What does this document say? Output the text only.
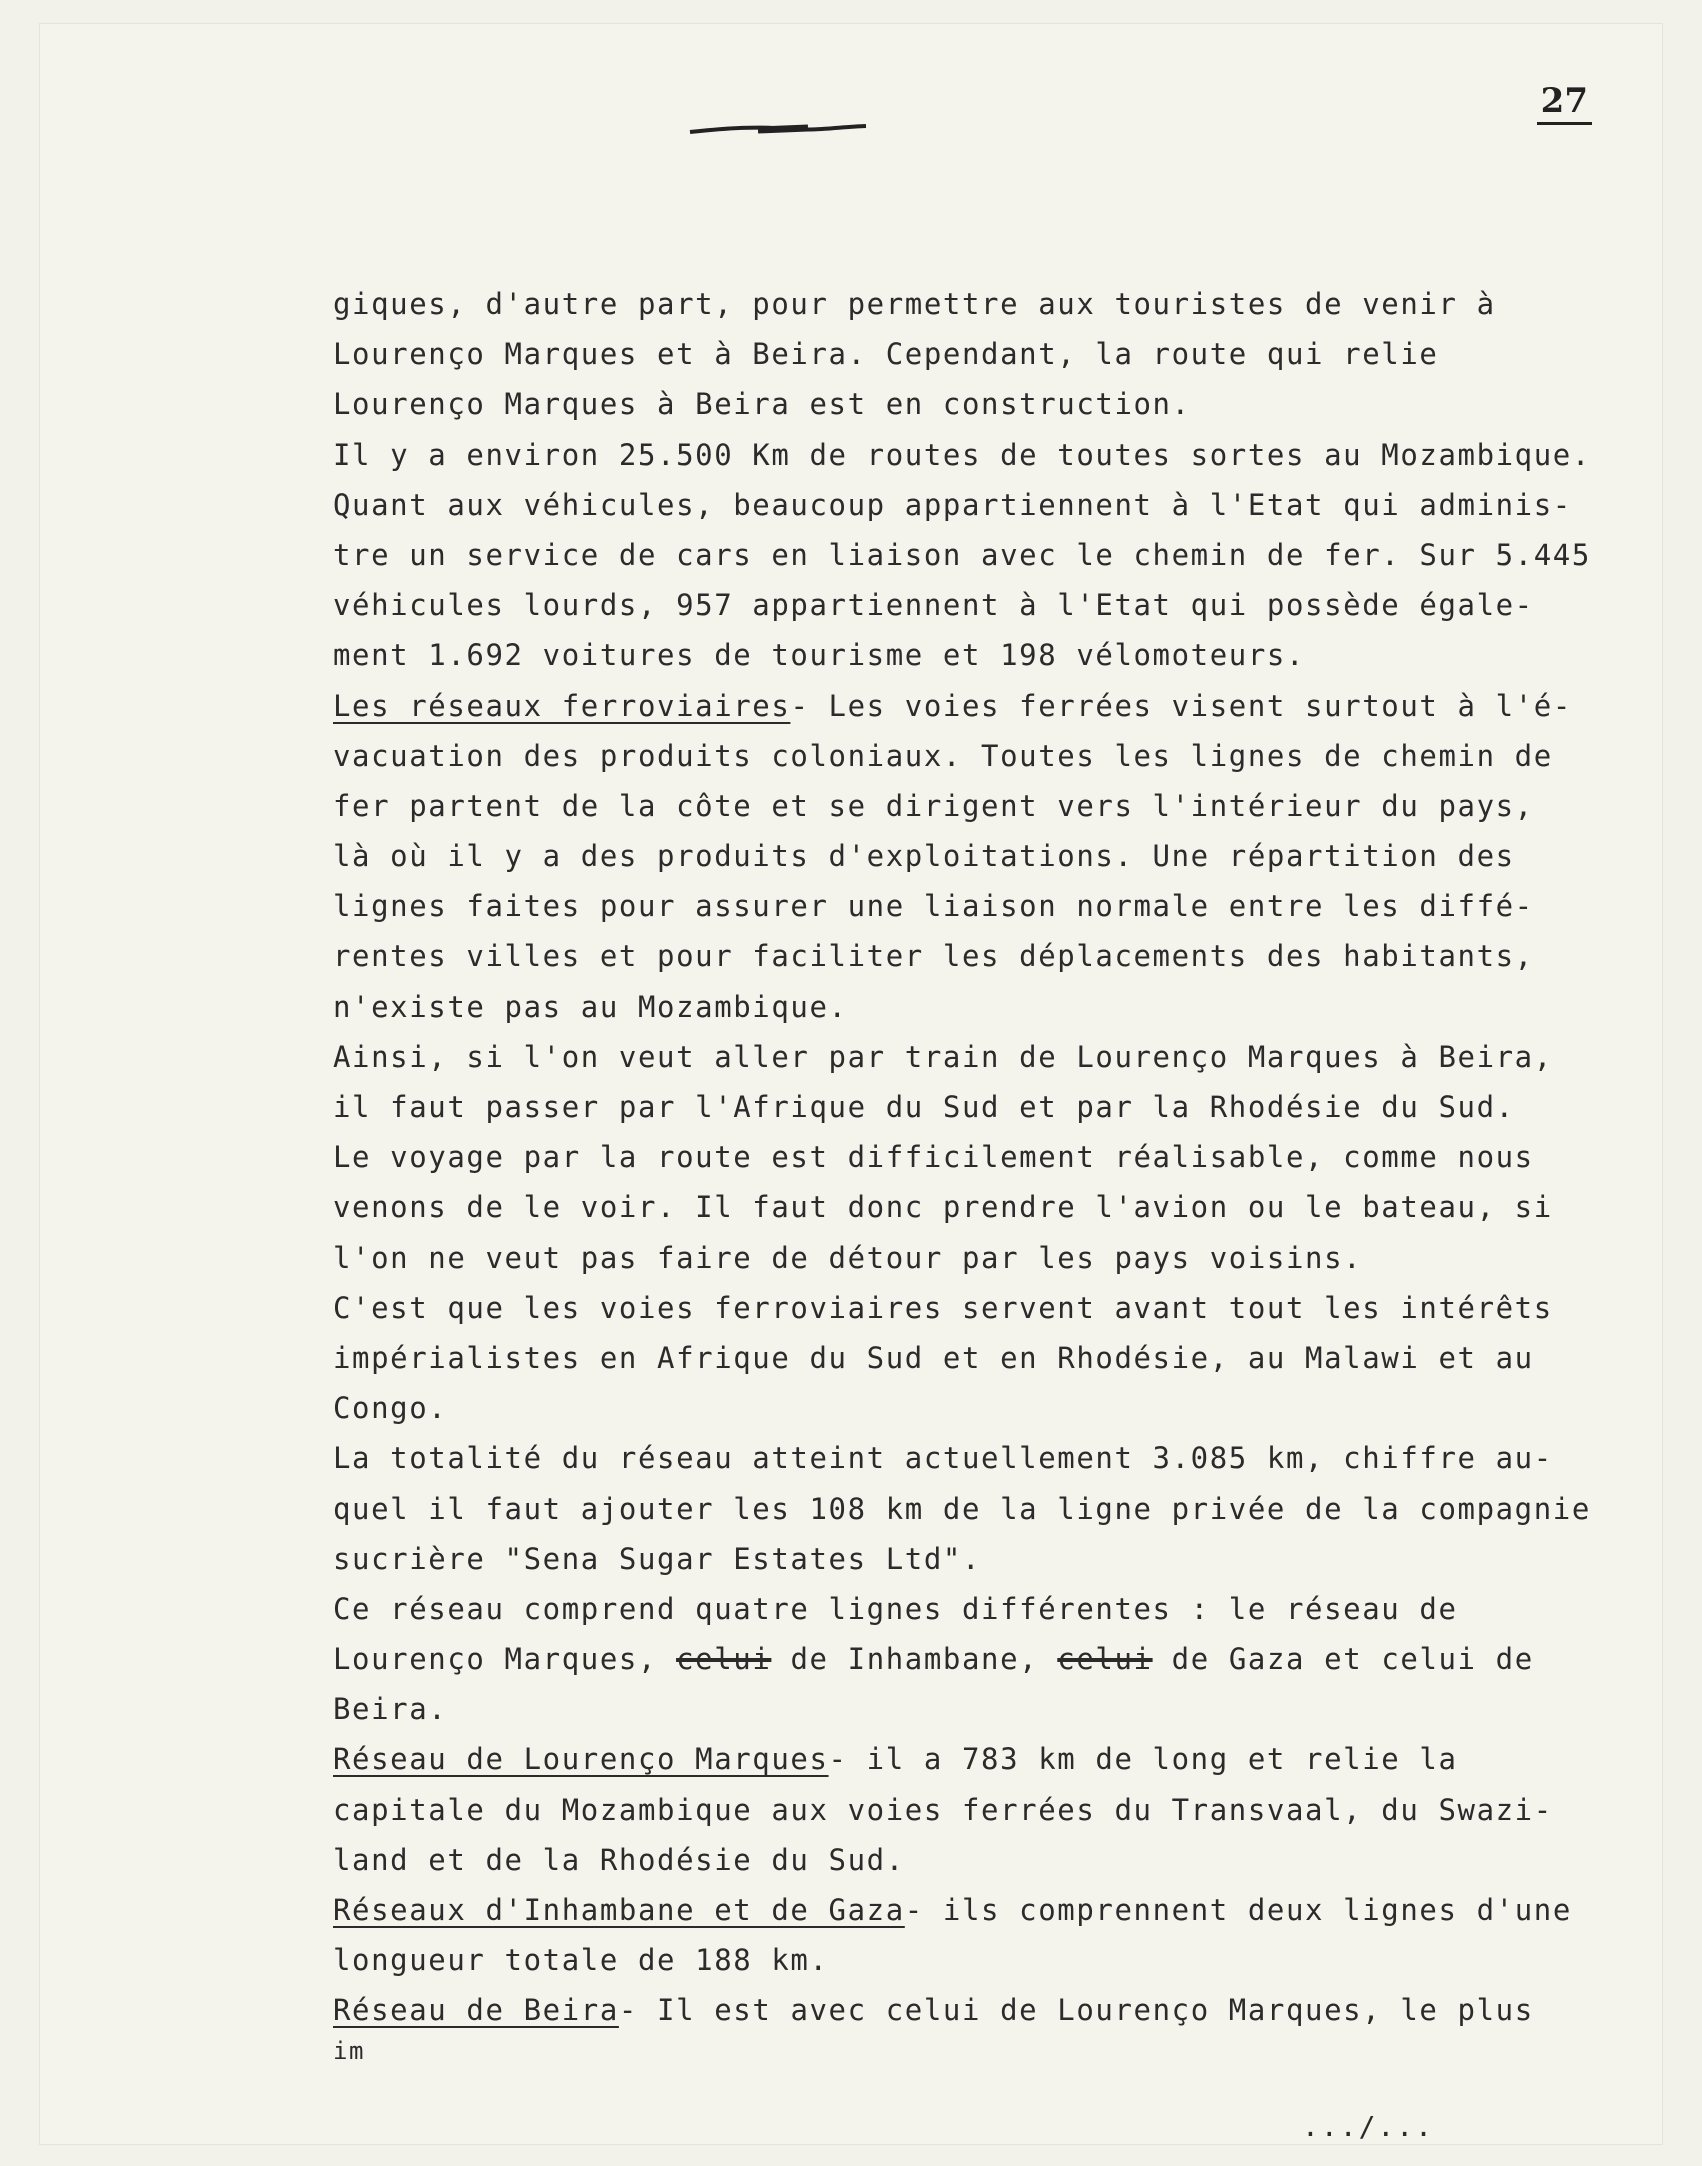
27
giques, d'autre part, pour permettre aux touristes de venir à
Lourenço Marques et à Beira. Cependant, la route qui relie
Lourenço Marques à Beira est en construction.
Il y a environ 25.500 Km de routes de toutes sortes au Mozambique.
Quant aux véhicules, beaucoup appartiennent à l'Etat qui adminis-
tre un service de cars en liaison avec le chemin de fer. Sur 5.445
véhicules lourds, 957 appartiennent à l'Etat qui possède égale-
ment 1.692 voitures de tourisme et 198 vélomoteurs.
Les réseaux ferroviaires- Les voies ferrées visent surtout à l'é-
vacuation des produits coloniaux. Toutes les lignes de chemin de
fer partent de la côte et se dirigent vers l'intérieur du pays,
là où il y a des produits d'exploitations. Une répartition des
lignes faites pour assurer une liaison normale entre les diffé-
rentes villes et pour faciliter les déplacements des habitants,
n'existe pas au Mozambique.
Ainsi, si l'on veut aller par train de Lourenço Marques à Beira,
il faut passer par l'Afrique du Sud et par la Rhodésie du Sud.
Le voyage par la route est difficilement réalisable, comme nous
venons de le voir. Il faut donc prendre l'avion ou le bateau, si
l'on ne veut pas faire de détour par les pays voisins.
C'est que les voies ferroviaires servent avant tout les intérêts
impérialistes en Afrique du Sud et en Rhodésie, au Malawi et au
Congo.
La totalité du réseau atteint actuellement 3.085 km, chiffre au-
quel il faut ajouter les 108 km de la ligne privée de la compagnie
sucrière "Sena Sugar Estates Ltd".
Ce réseau comprend quatre lignes différentes : le réseau de
Lourenço Marques, celui de Inhambane, celui de Gaza et celui de
Beira.
Réseau de Lourenço Marques- il a 783 km de long et relie la
capitale du Mozambique aux voies ferrées du Transvaal, du Swazi-
land et de la Rhodésie du Sud.
Réseaux d'Inhambane et de Gaza- ils comprennent deux lignes d'une
longueur totale de 188 km.
Réseau de Beira- Il est avec celui de Lourenço Marques, le plus
im
.../...
